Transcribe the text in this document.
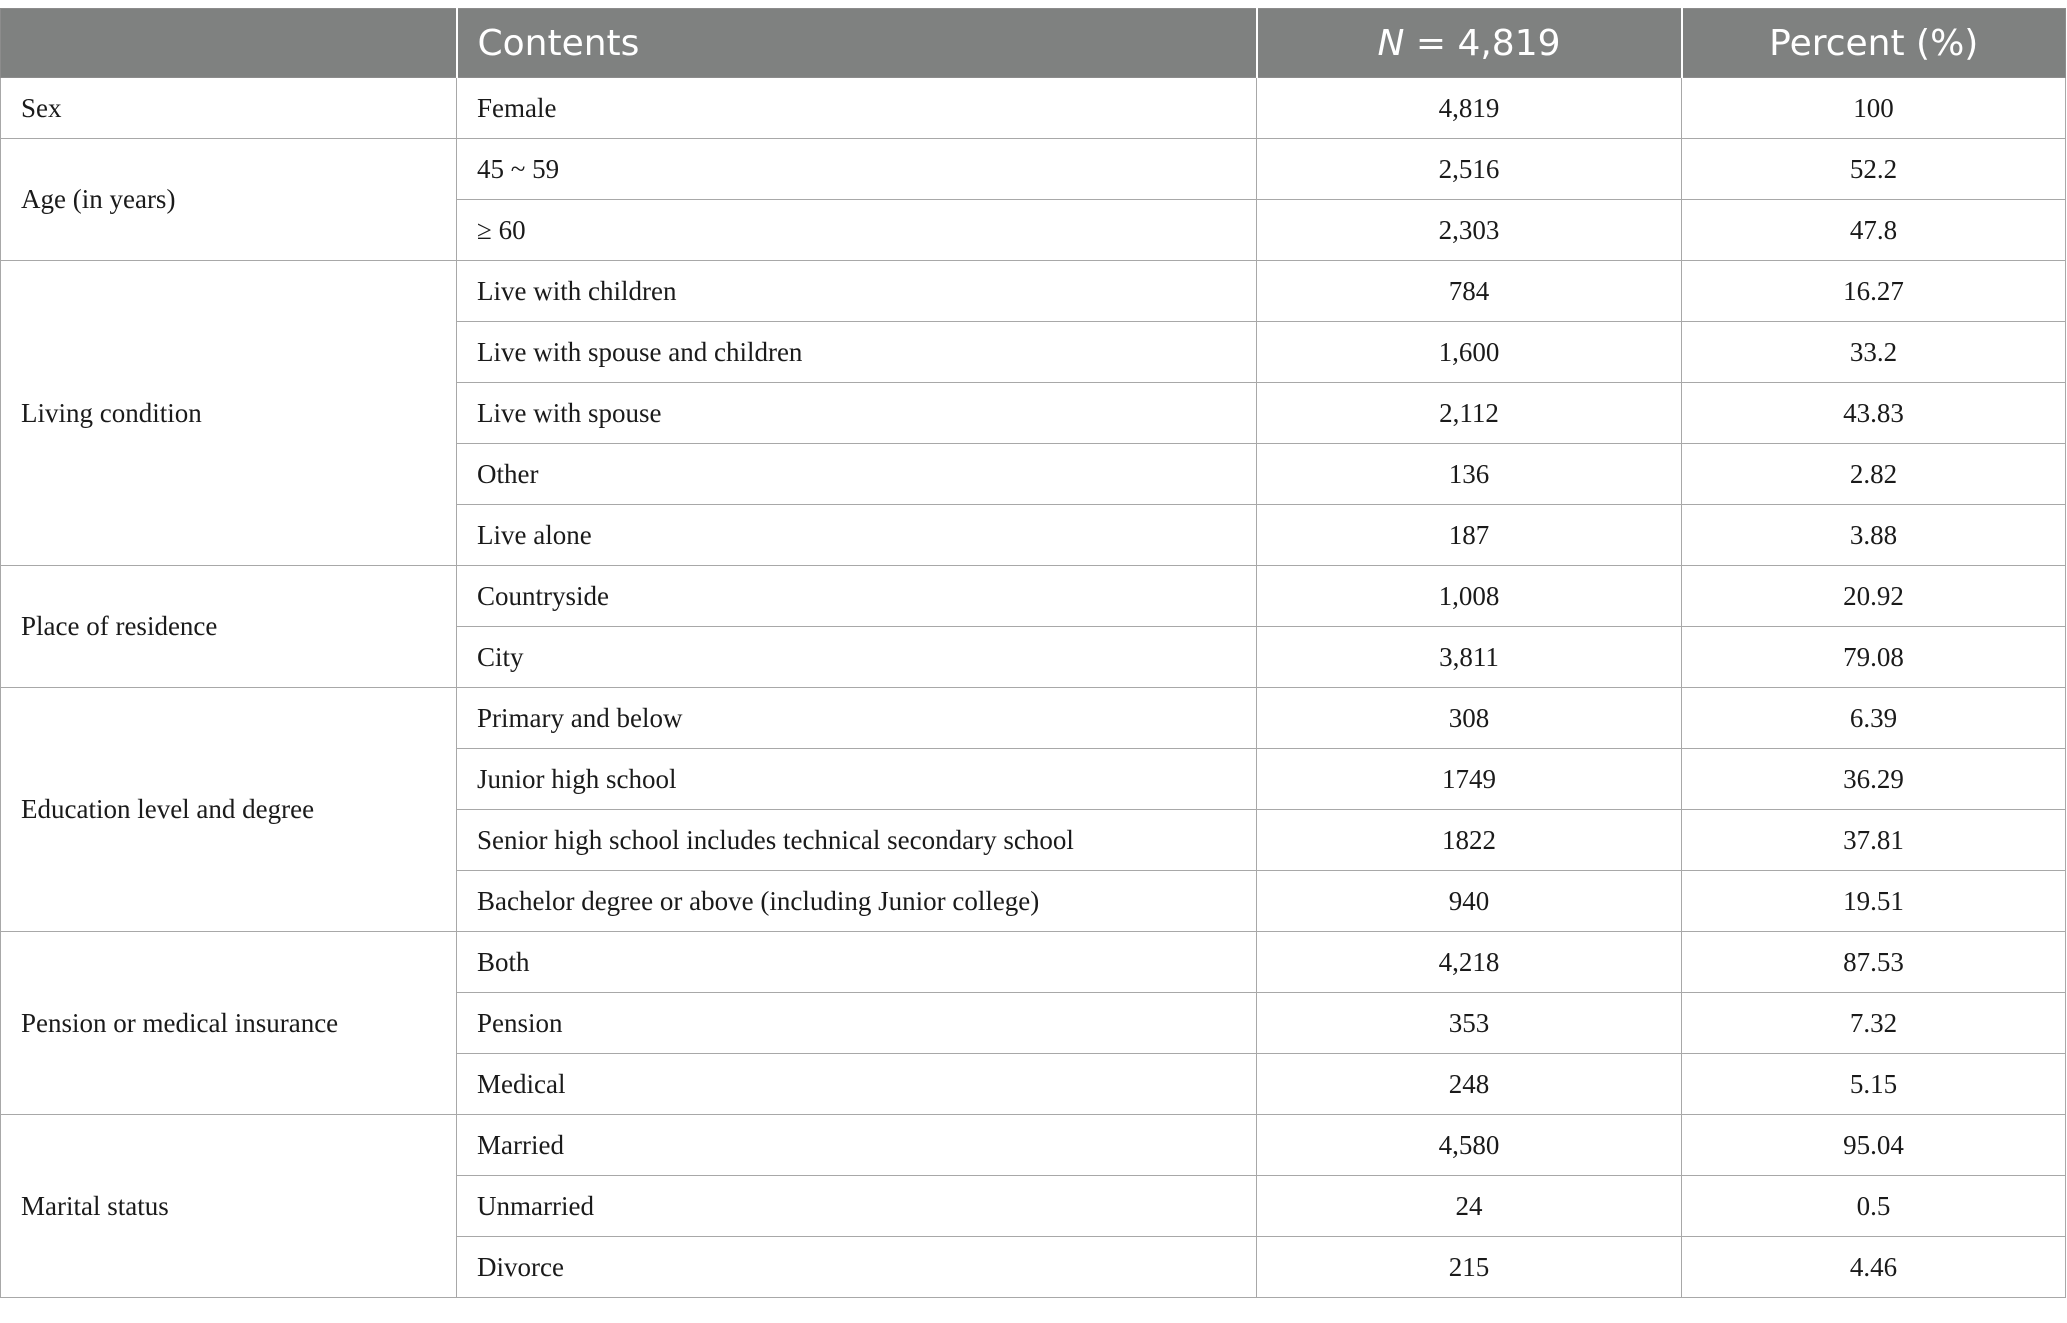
	Contents	N = 4,819	Percent (%)
Sex	Female	4,819	100
Age (in years)	45 ~ 59	2,516	52.2
	≥ 60	2,303	47.8
Living condition	Live with children	784	16.27
	Live with spouse and children	1,600	33.2
	Live with spouse	2,112	43.83
	Other	136	2.82
	Live alone	187	3.88
Place of residence	Countryside	1,008	20.92
	City	3,811	79.08
Education level and degree	Primary and below	308	6.39
	Junior high school	1749	36.29
	Senior high school includes technical secondary school	1822	37.81
	Bachelor degree or above (including Junior college)	940	19.51
Pension or medical insurance	Both	4,218	87.53
	Pension	353	7.32
	Medical	248	5.15
Marital status	Married	4,580	95.04
	Unmarried	24	0.5
	Divorce	215	4.46
